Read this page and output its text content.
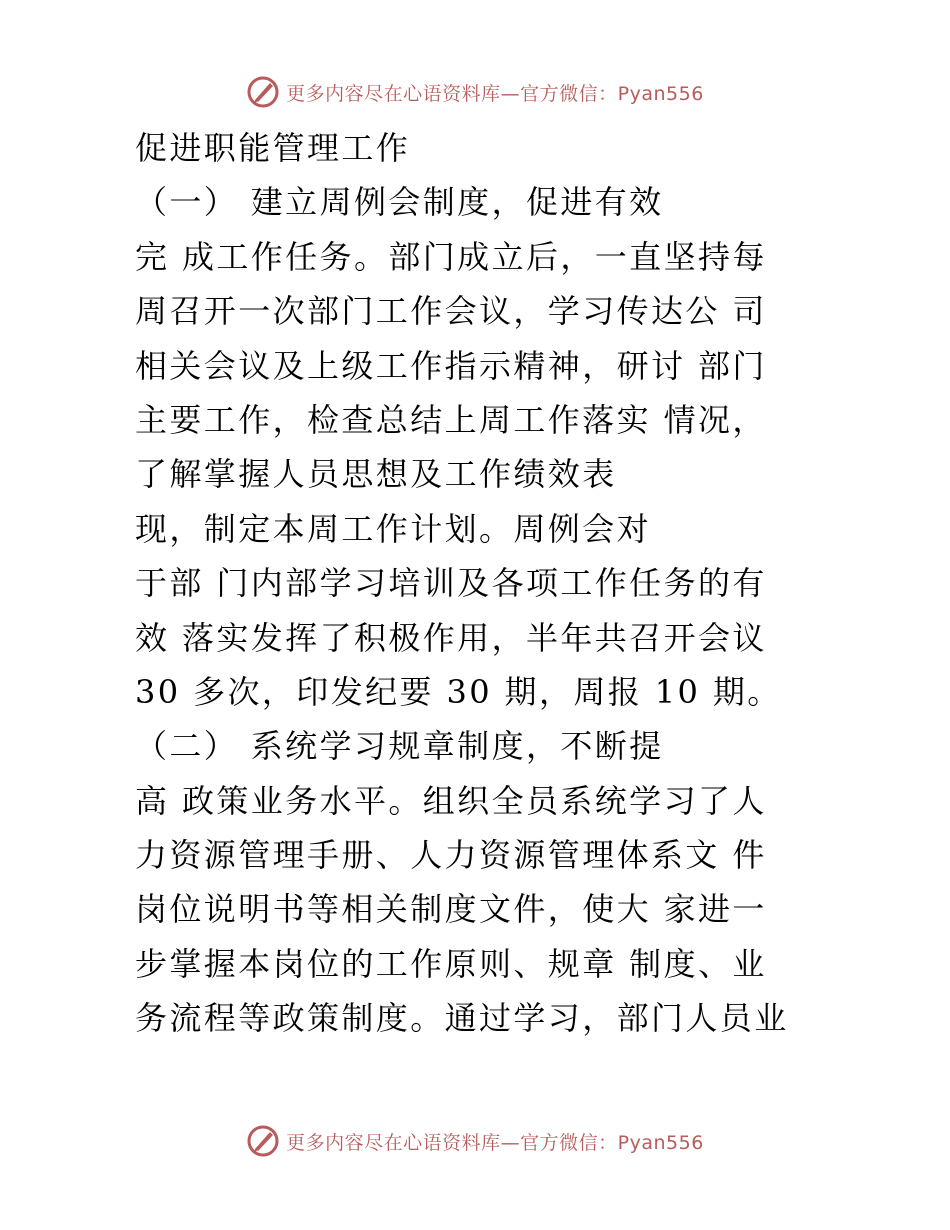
更多内容尽在心语资料库—官方微信：Pyan556
促进职能管理工作
（一） 建立周例会制度，促进有效
完 成工作任务。部门成立后，一直坚持每
周召开一次部门工作会议，学习传达公 司
相关会议及上级工作指示精神，研讨 部门
主要工作，检查总结上周工作落实 情况，
了解掌握人员思想及工作绩效表
现，制定本周工作计划。周例会对
于部 门内部学习培训及各项工作任务的有
效 落实发挥了积极作用，半年共召开会议
30 多次，印发纪要 30 期，周报 10 期。
（二） 系统学习规章制度，不断提
高 政策业务水平。组织全员系统学习了人
力资源管理手册、人力资源管理体系文 件
岗位说明书等相关制度文件，使大 家进一
步掌握本岗位的工作原则、规章 制度、业
务流程等政策制度。通过学习，部门人员业
更多内容尽在心语资料库—官方微信：Pyan556
